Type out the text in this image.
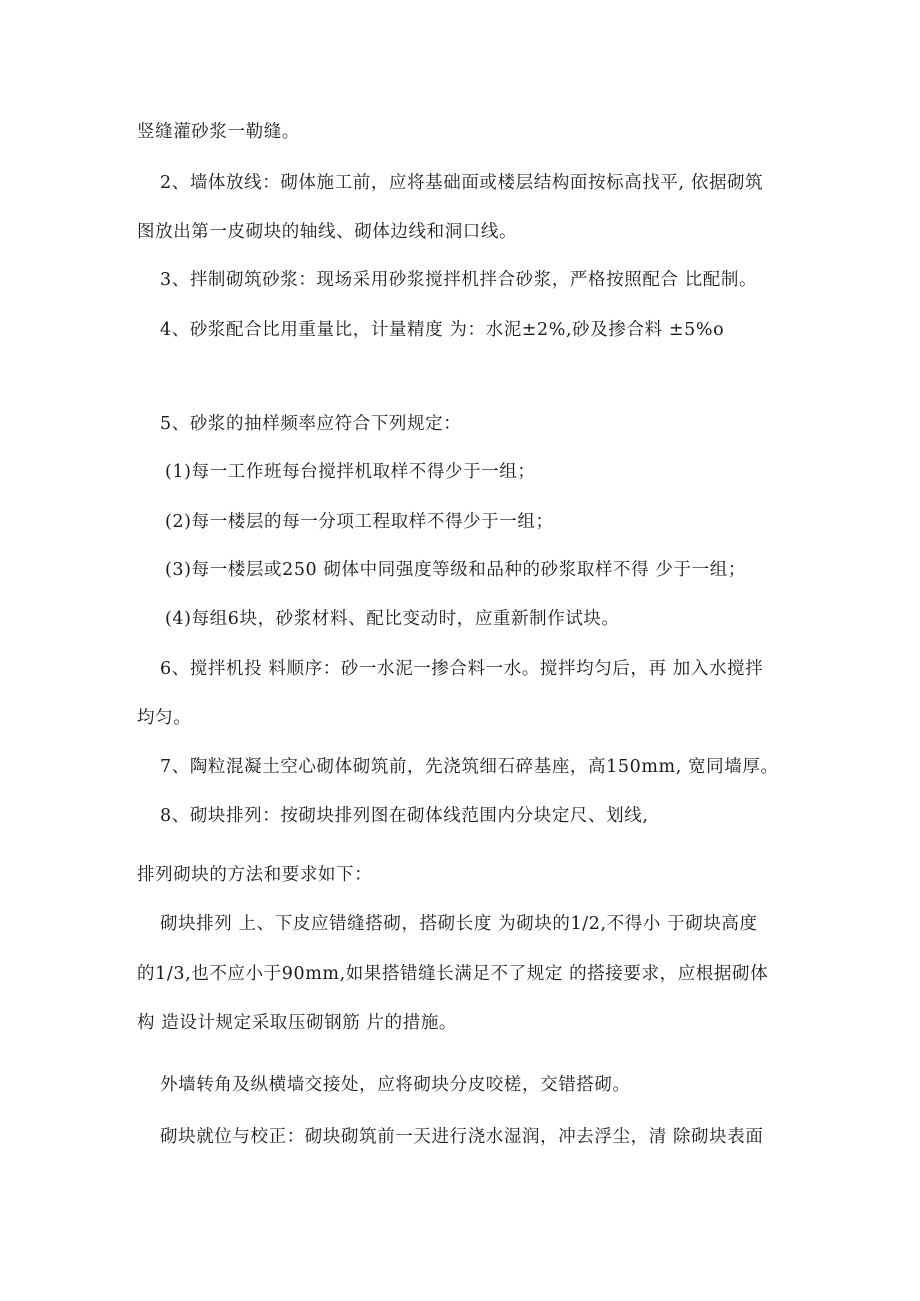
竖缝灌砂浆一勒缝。
2、墙体放线：砌体施工前，应将基础面或楼层结构面按标高找平, 依据砌筑
图放出第一皮砌块的轴线、砌体边线和洞口线。
3、拌制砌筑砂浆：现场采用砂浆搅拌机拌合砂浆，严格按照配合 比配制。
4、砂浆配合比用重量比，计量精度 为：水泥±2%,砂及掺合料 ±5%o
5、砂浆的抽样频率应符合下列规定：
(1)每一工作班每台搅拌机取样不得少于一组；
(2)每一楼层的每一分项工程取样不得少于一组；
(3)每一楼层或250 砌体中同强度等级和品种的砂浆取样不得 少于一组；
(4)每组6块，砂浆材料、配比变动时，应重新制作试块。
6、搅拌机投 料顺序：砂一水泥一掺合料一水。搅拌均匀后，再 加入水搅拌
均匀。
7、陶粒混凝土空心砌体砌筑前，先浇筑细石碎基座，高150mm, 宽同墙厚。
8、砌块排列：按砌块排列图在砌体线范围内分块定尺、划线,
排列砌块的方法和要求如下：
砌块排列 上、下皮应错缝搭砌，搭砌长度 为砌块的1/2,不得小 于砌块高度
的1/3,也不应小于90mm,如果搭错缝长满足不了规定 的搭接要求，应根据砌体
构 造设计规定采取压砌钢筋 片的措施。
外墙转角及纵横墙交接处，应将砌块分皮咬槎，交错搭砌。
砌块就位与校正：砌块砌筑前一天进行浇水湿润，冲去浮尘，清 除砌块表面
